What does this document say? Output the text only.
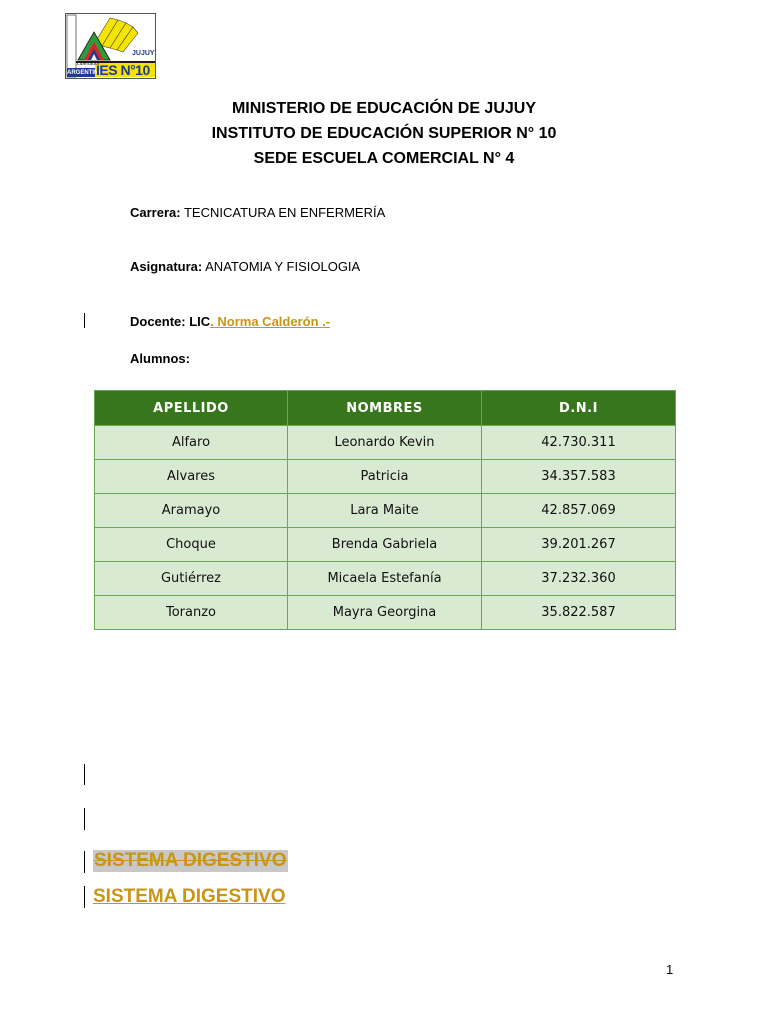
JUJUY
Libertador
ARGENTINA
IES N°10
MINISTERIO DE EDUCACIÓN DE JUJUY
INSTITUTO DE EDUCACIÓN SUPERIOR N° 10
SEDE ESCUELA COMERCIAL N° 4
Carrera: TECNICATURA EN ENFERMERÍA
Asignatura: ANATOMIA Y FISIOLOGIA
Docente: LIC. Norma Calderón .-
Alumnos:
APELLIDO	NOMBRES	D.N.I
Alfaro	Leonardo Kevin	42.730.311
Alvares	Patricia	34.357.583
Aramayo	Lara Maite	42.857.069
Choque	Brenda Gabriela	39.201.267
Gutiérrez	Micaela Estefanía	37.232.360
Toranzo	Mayra Georgina	35.822.587
SISTEMA DIGESTIVO
SISTEMA DIGESTIVO
1
